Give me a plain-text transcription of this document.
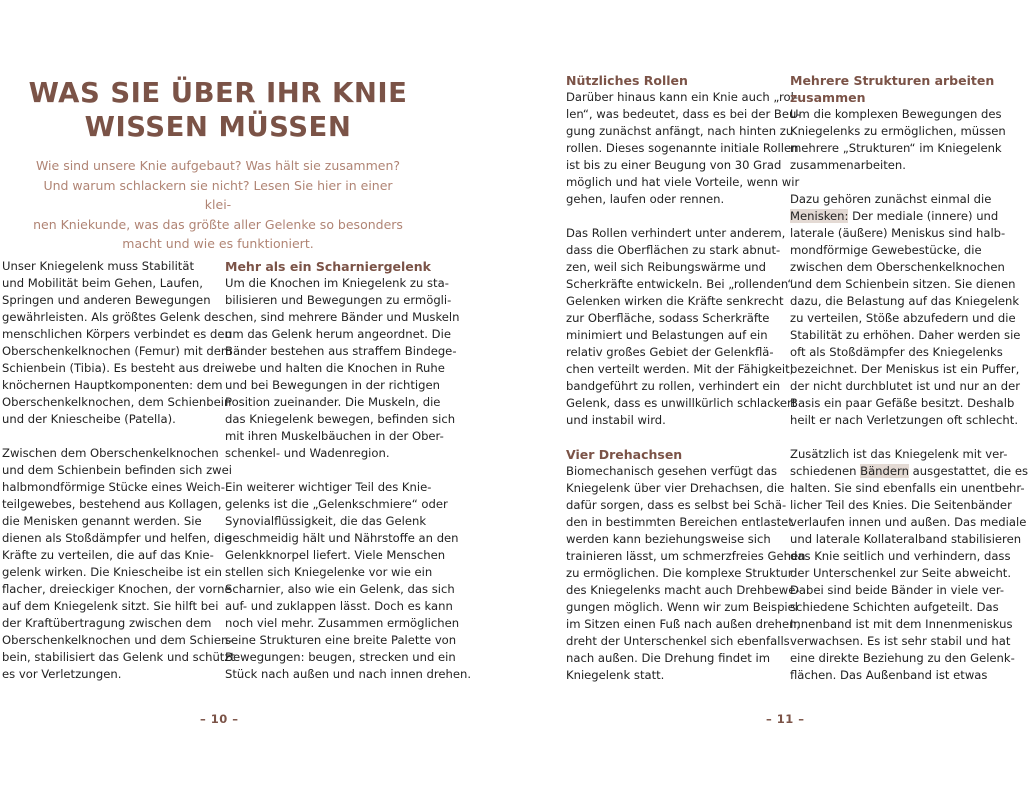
WAS SIE ÜBER IHR KNIE
WISSEN MÜSSEN

Wie sind unsere Knie aufgebaut? Was hält sie zusammen?
Und warum schlackern sie nicht? Lesen Sie hier in einer klei-
nen Kniekunde, was das größte aller Gelenke so besonders
macht und wie es funktioniert.

Unser Kniegelenk muss Stabilität
und Mobilität beim Gehen, Laufen,
Springen und anderen Bewegungen
gewährleisten. Als größtes Gelenk des
menschlichen Körpers verbindet es den
Oberschenkelknochen (Femur) mit dem
Schienbein (Tibia). Es besteht aus drei
knöchernen Hauptkomponenten: dem
Oberschenkelknochen, dem Schienbein
und der Kniescheibe (Patella).
Zwischen dem Oberschenkelknochen
und dem Schienbein befinden sich zwei
halbmondförmige Stücke eines Weich-
teilgewebes, bestehend aus Kollagen,
die Menisken genannt werden. Sie
dienen als Stoßdämpfer und helfen, die
Kräfte zu verteilen, die auf das Knie-
gelenk wirken. Die Kniescheibe ist ein
flacher, dreieckiger Knochen, der vorne
auf dem Kniegelenk sitzt. Sie hilft bei
der Kraftübertragung zwischen dem
Oberschenkelknochen und dem Schien-
bein, stabilisiert das Gelenk und schützt
es vor Verletzungen.
Mehr als ein Scharniergelenk
Um die Knochen im Kniegelenk zu sta-
bilisieren und Bewegungen zu ermögli-
chen, sind mehrere Bänder und Muskeln
um das Gelenk herum angeordnet. Die
Bänder bestehen aus straffem Bindege-
webe und halten die Knochen in Ruhe
und bei Bewegungen in der richtigen
Position zueinander. Die Muskeln, die
das Kniegelenk bewegen, befinden sich
mit ihren Muskelbäuchen in der Ober-
schenkel- und Wadenregion.
Ein weiterer wichtiger Teil des Knie-
gelenks ist die „Gelenkschmiere“ oder
Synovialflüssigkeit, die das Gelenk
geschmeidig hält und Nährstoffe an den
Gelenkknorpel liefert. Viele Menschen
stellen sich Kniegelenke vor wie ein
Scharnier, also wie ein Gelenk, das sich
auf- und zuklappen lässt. Doch es kann
noch viel mehr. Zusammen ermöglichen
seine Strukturen eine breite Palette von
Bewegungen: beugen, strecken und ein
Stück nach außen und nach innen drehen.
– 10 –
Nützliches Rollen
Darüber hinaus kann ein Knie auch „rol-
len“, was bedeutet, dass es bei der Beu-
gung zunächst anfängt, nach hinten zu
rollen. Dieses sogenannte initiale Rollen
ist bis zu einer Beugung von 30 Grad
möglich und hat viele Vorteile, wenn wir
gehen, laufen oder rennen.
Das Rollen verhindert unter anderem,
dass die Oberflächen zu stark abnut-
zen, weil sich Reibungswärme und
Scherkräfte entwickeln. Bei „rollenden“
Gelenken wirken die Kräfte senkrecht
zur Oberfläche, sodass Scherkräfte
minimiert und Belastungen auf ein
relativ großes Gebiet der Gelenkflä-
chen verteilt werden. Mit der Fähigkeit,
bandgeführt zu rollen, verhindert ein
Gelenk, dass es unwillkürlich schlackert
und instabil wird.
Vier Drehachsen
Biomechanisch gesehen verfügt das
Kniegelenk über vier Drehachsen, die
dafür sorgen, dass es selbst bei Schä-
den in bestimmten Bereichen entlastet
werden kann beziehungsweise sich
trainieren lässt, um schmerzfreies Gehen
zu ermöglichen. Die komplexe Struktur
des Kniegelenks macht auch Drehbewe-
gungen möglich. Wenn wir zum Beispiel
im Sitzen einen Fuß nach außen drehen,
dreht der Unterschenkel sich ebenfalls
nach außen. Die Drehung findet im
Kniegelenk statt.
Mehrere Strukturen arbeiten
zusammen
Um die komplexen Bewegungen des
Kniegelenks zu ermöglichen, müssen
mehrere „Strukturen“ im Kniegelenk
zusammenarbeiten.
Dazu gehören zunächst einmal die
Menisken: Der mediale (innere) und
laterale (äußere) Meniskus sind halb-
mondförmige Gewebestücke, die
zwischen dem Oberschenkelknochen
und dem Schienbein sitzen. Sie dienen
dazu, die Belastung auf das Kniegelenk
zu verteilen, Stöße abzufedern und die
Stabilität zu erhöhen. Daher werden sie
oft als Stoßdämpfer des Kniegelenks
bezeichnet. Der Meniskus ist ein Puffer,
der nicht durchblutet ist und nur an der
Basis ein paar Gefäße besitzt. Deshalb
heilt er nach Verletzungen oft schlecht.
Zusätzlich ist das Kniegelenk mit ver-
schiedenen Bändern ausgestattet, die es
halten. Sie sind ebenfalls ein unentbehr-
licher Teil des Knies. Die Seitenbänder
verlaufen innen und außen. Das mediale
und laterale Kollateralband stabilisieren
das Knie seitlich und verhindern, dass
der Unterschenkel zur Seite abweicht.
Dabei sind beide Bänder in viele ver-
schiedene Schichten aufgeteilt. Das
Innenband ist mit dem Innenmeniskus
verwachsen. Es ist sehr stabil und hat
eine direkte Beziehung zu den Gelenk-
flächen. Das Außenband ist etwas
– 11 –
